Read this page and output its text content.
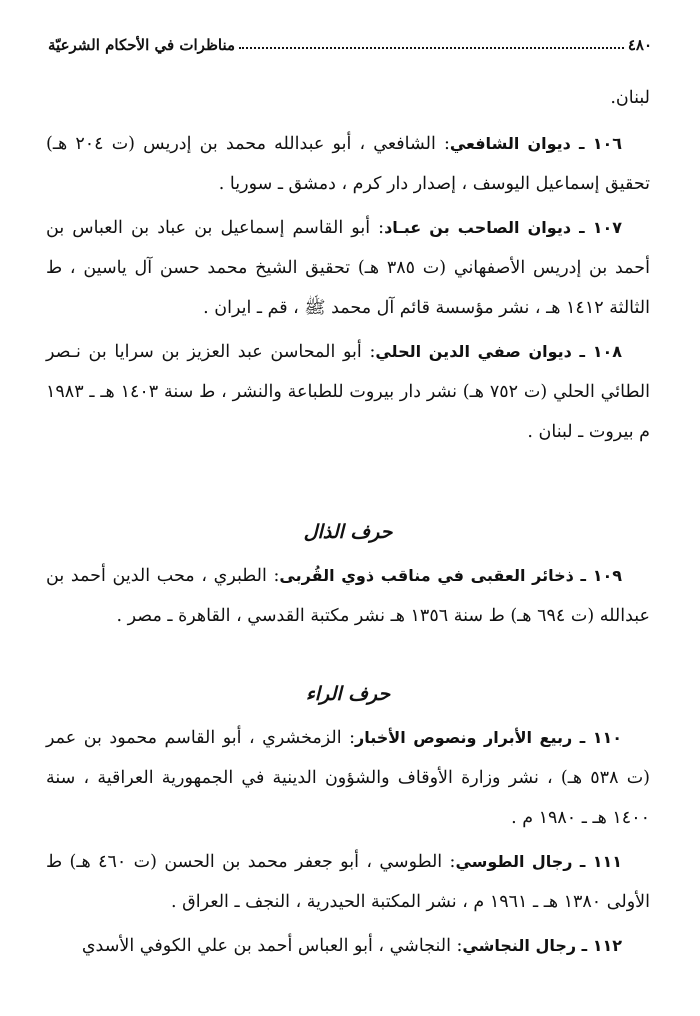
٤٨٠
مناظرات في الأحكام الشرعيّة

لبنان.

١٠٦ ـ ديوان الشافعي: الشافعي ، أبو عبدالله محمد بن إدريس (ت ٢٠٤ هـ) تحقيق إسماعيل اليوسف ، إصدار دار كرم ، دمشق ـ سوريا .

١٠٧ ـ ديوان الصاحب بن عبـاد: أبو القاسم إسماعيل بن عباد بن العباس بن أحمد بن إدريس الأصفهاني (ت ٣٨٥ هـ) تحقيق الشيخ محمد حسن آل ياسين ، ط الثالثة ١٤١٢ هـ ، نشر مؤسسة قائم آل محمد ﷺ ، قم ـ ايران .

١٠٨ ـ ديوان صفي الدين الحلي: أبو المحاسن عبد العزيز بن سرايا بن نـصر الطائي الحلي (ت ٧٥٢ هـ) نشر دار بيروت للطباعة والنشر ، ط سنة ١٤٠٣ هـ ـ ١٩٨٣ م بيروت ـ لبنان .

حرف الذال

١٠٩ ـ ذخائر العقبى في مناقب ذوي القُربى: الطبري ، محب الدين أحمد بن عبدالله (ت ٦٩٤ هـ) ط سنة ١٣٥٦ هـ نشر مكتبة القدسي ، القاهرة ـ مصر .

حرف الراء

١١٠ ـ ربيع الأبرار ونصوص الأخبار: الزمخشري ، أبو القاسم محمود بن عمر (ت ٥٣٨ هـ) ، نشر وزارة الأوقاف والشؤون الدينية في الجمهورية العراقية ، سنة ١٤٠٠ هـ ـ ١٩٨٠ م .

١١١ ـ رجال الطوسي: الطوسي ، أبو جعفر محمد بن الحسن (ت ٤٦٠ هـ) ط الأولى ١٣٨٠ هـ ـ ١٩٦١ م ، نشر المكتبة الحيدرية ، النجف ـ العراق .

١١٢ ـ رجال النجاشي: النجاشي ، أبو العباس أحمد بن علي الكوفي الأسدي
